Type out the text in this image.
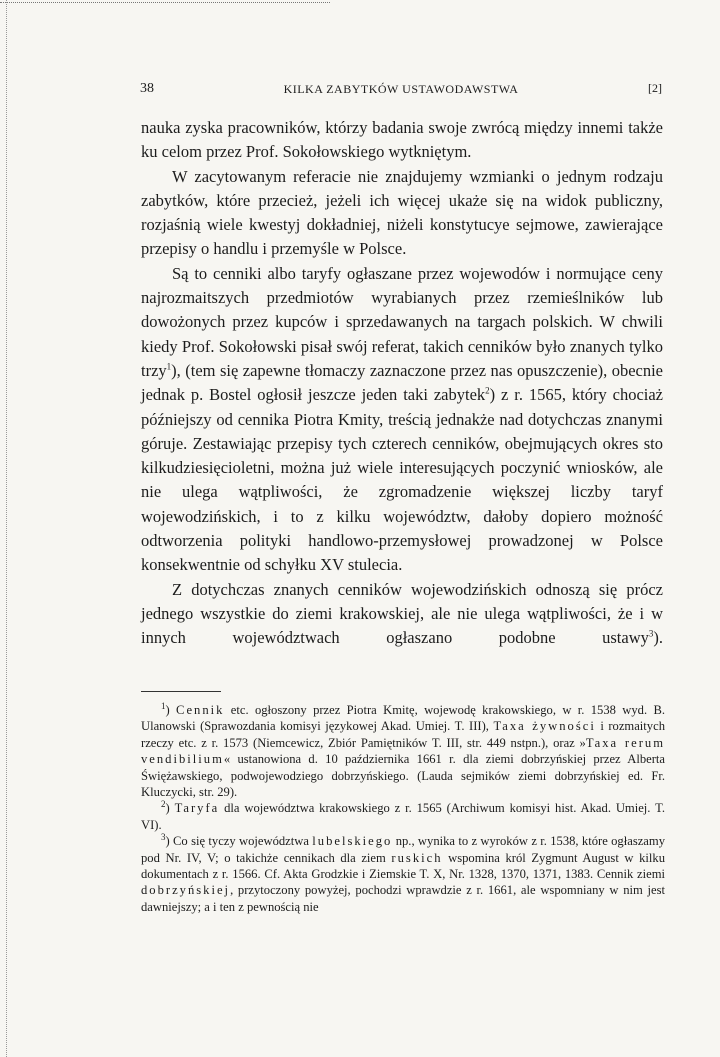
38	KILKA ZABYTKÓW USTAWODAWSTWA	[2]

nauka zyska pracowników, którzy badania swoje zwrócą między innemi także ku celom przez Prof. Sokołowskiego wytkniętym.

W zacytowanym referacie nie znajdujemy wzmianki o jednym rodzaju zabytków, które przecież, jeżeli ich więcej ukaże się na widok publiczny, rozjaśnią wiele kwestyj dokładniej, niżeli konstytucye sejmowe, zawierające przepisy o handlu i przemyśle w Polsce.

Są to cenniki albo taryfy ogłaszane przez wojewodów i normujące ceny najrozmaitszych przedmiotów wyrabianych przez rzemieślników lub dowożonych przez kupców i sprzedawanych na targach polskich. W chwili kiedy Prof. Sokołowski pisał swój referat, takich cenników było znanych tylko trzy$^1$), (tem się zapewne tłomaczy zaznaczone przez nas opuszczenie), obecnie jednak p. Bostel ogłosił jeszcze jeden taki zabytek$^2$) z r. 1565, który chociaż późniejszy od cennika Piotra Kmity, treścią jednakże nad dotychczas znanymi góruje. Zestawiając przepisy tych czterech cenników, obejmujących okres sto kilkudziesięcioletni, można już wiele interesujących poczynić wniosków, ale nie ulega wątpliwości, że zgromadzenie większej liczby taryf wojewodzińskich, i to z kilku województw, dałoby dopiero możność odtworzenia polityki handlowo-przemysłowej prowadzonej w Polsce konsekwentnie od schyłku XV stulecia.

Z dotychczas znanych cenników wojewodzińskich odnoszą się prócz jednego wszystkie do ziemi krakowskiej, ale nie ulega wątpliwości, że i w innych województwach ogłaszano podobne ustawy$^3$).

$^1$) Cennik etc. ogłoszony przez Piotra Kmitę, wojewodę krakowskiego, w r. 1538 wyd. B. Ulanowski (Sprawozdania komisyi językowej Akad. Umiej. T. III), Taxa żywności i rozmaitych rzeczy etc. z r. 1573 (Niemcewicz, Zbiór Pamiętników T. III, str. 449 nstpn.), oraz »Taxa rerum vendibilium« ustanowiona d. 10 października 1661 r. dla ziemi dobrzyńskiej przez Alberta Świężawskiego, podwojewodziego dobrzyńskiego. (Lauda sejmików ziemi dobrzyńskiej ed. Fr. Kluczycki, str. 29).

$^2$) Taryfa dla województwa krakowskiego z r. 1565 (Archiwum komisyi hist. Akad. Umiej. T. VI).

$^3$) Co się tyczy województwa lubelskiego np., wynika to z wyroków z r. 1538, które ogłaszamy pod Nr. IV, V; o takichże cennikach dla ziem ruskich wspomina król Zygmunt August w kilku dokumentach z r. 1566. Cf. Akta Grodzkie i Ziemskie T. X, Nr. 1328, 1370, 1371, 1383. Cennik ziemi dobrzyńskiej, przytoczony powyżej, pochodzi wprawdzie z r. 1661, ale wspomniany w nim jest dawniejszy; a i ten z pewnością nie
